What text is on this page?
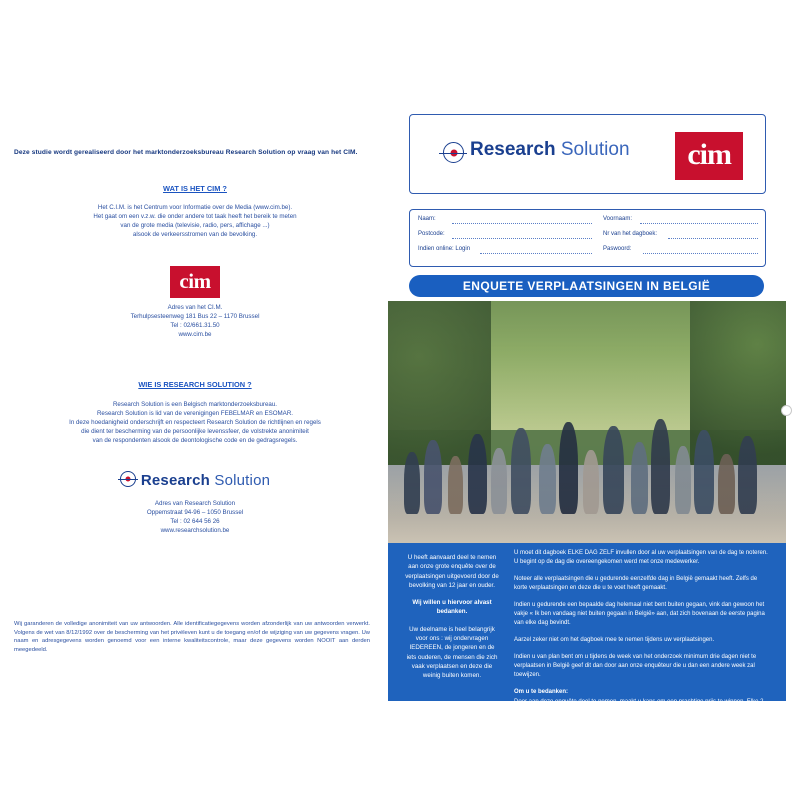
Deze studie wordt gerealiseerd door het marktonderzoeksbureau Research Solution op vraag van het CIM.
WAT IS HET CIM ?
Het C.I.M. is het Centrum voor Informatie over de Media (www.cim.be).
Het gaat om een v.z.w. die onder andere tot taak heeft het bereik te meten
van de grote media (televisie, radio, pers, affichage ...)
alsook de verkeersstromen van de bevolking.
cim
Adres van het CI.M.
Terhulpsesteenweg 181 Bus 22 – 1170 Brussel
Tel : 02/661.31.50
www.cim.be
WIE IS RESEARCH SOLUTION ?
Research Solution is een Belgisch marktonderzoeksbureau.
Research Solution is lid van de verenigingen FEBELMAR en ESOMAR.
In deze hoedanigheid onderschrijft en respecteert Research Solution de richtlijnen en regels
die dient ter bescherming van de persoonlijke levenssfeer, de volstrekte anonimiteit
van de respondenten alsook de deontologische code en de gedragsregels.
Research Solution
Adres van Research Solution
Oppemstraat 94-96 – 1050 Brussel
Tel : 02 644 56 26
www.researchsolution.be
Wij garanderen de volledige anonimiteit van uw antwoorden. Alle identificatiegegevens worden afzonderlijk van uw antwoorden verwerkt. Volgens de wet van 8/12/1992 over de bescherming van het privéleven kunt u de toegang en/of de wijziging van uw gegevens vragen. Uw naam en adresgegevens worden genoemd voor een interne kwaliteitscontrole, maar deze gegevens worden NOOIT aan derden meegedeeld.
Research Solution	cim
Naam:	Voornaam:
Postcode:	Nr van het dagboek:
Indien online: Login	Paswoord:
ENQUETE VERPLAATSINGEN IN BELGIË

U heeft aanvaard deel te nemen aan onze grote enquête over de verplaatsingen uitgevoerd door de bevolking van 12 jaar en ouder.

Wij willen u hiervoor alvast bedanken.

Uw deelname is heel belangrijk voor ons : wij ondervragen IEDEREEN, de jongeren en de iets ouderen, de mensen die zich vaak verplaatsen en deze die weinig buiten komen.

U moet dit dagboek ELKE DAG ZELF invullen door al uw verplaatsingen van de dag te noteren. U begint op de dag die overeengekomen werd met onze medewerker.

Noteer alle verplaatsingen die u gedurende eenzelfde dag in België gemaakt heeft. Zelfs de korte verplaatsingen en deze die u te voet heeft gemaakt.

Indien u gedurende een bepaalde dag helemaal niet bent buiten gegaan, vink dan gewoon het vakje « Ik ben vandaag niet buiten gegaan in België» aan, dat zich bovenaan de eerste pagina van elke dag bevindt.

Aarzel zeker niet om het dagboek mee te nemen tijdens uw verplaatsingen.

Indien u van plan bent om u tijdens de week van het onderzoek minimum drie dagen niet te verplaatsen in België geef dit dan door aan onze enquêteur die u dan een andere week zal toewijzen.

Om u te bedanken:

Door aan deze enquête deel te nemen, maakt u kans om een prachtige prijs te winnen. Elke 2 maanden worden er 24 winnaars bij trekking bepaald. Zij krijgen een cadeaubon die varieert tussen 20 € en 250 €.
